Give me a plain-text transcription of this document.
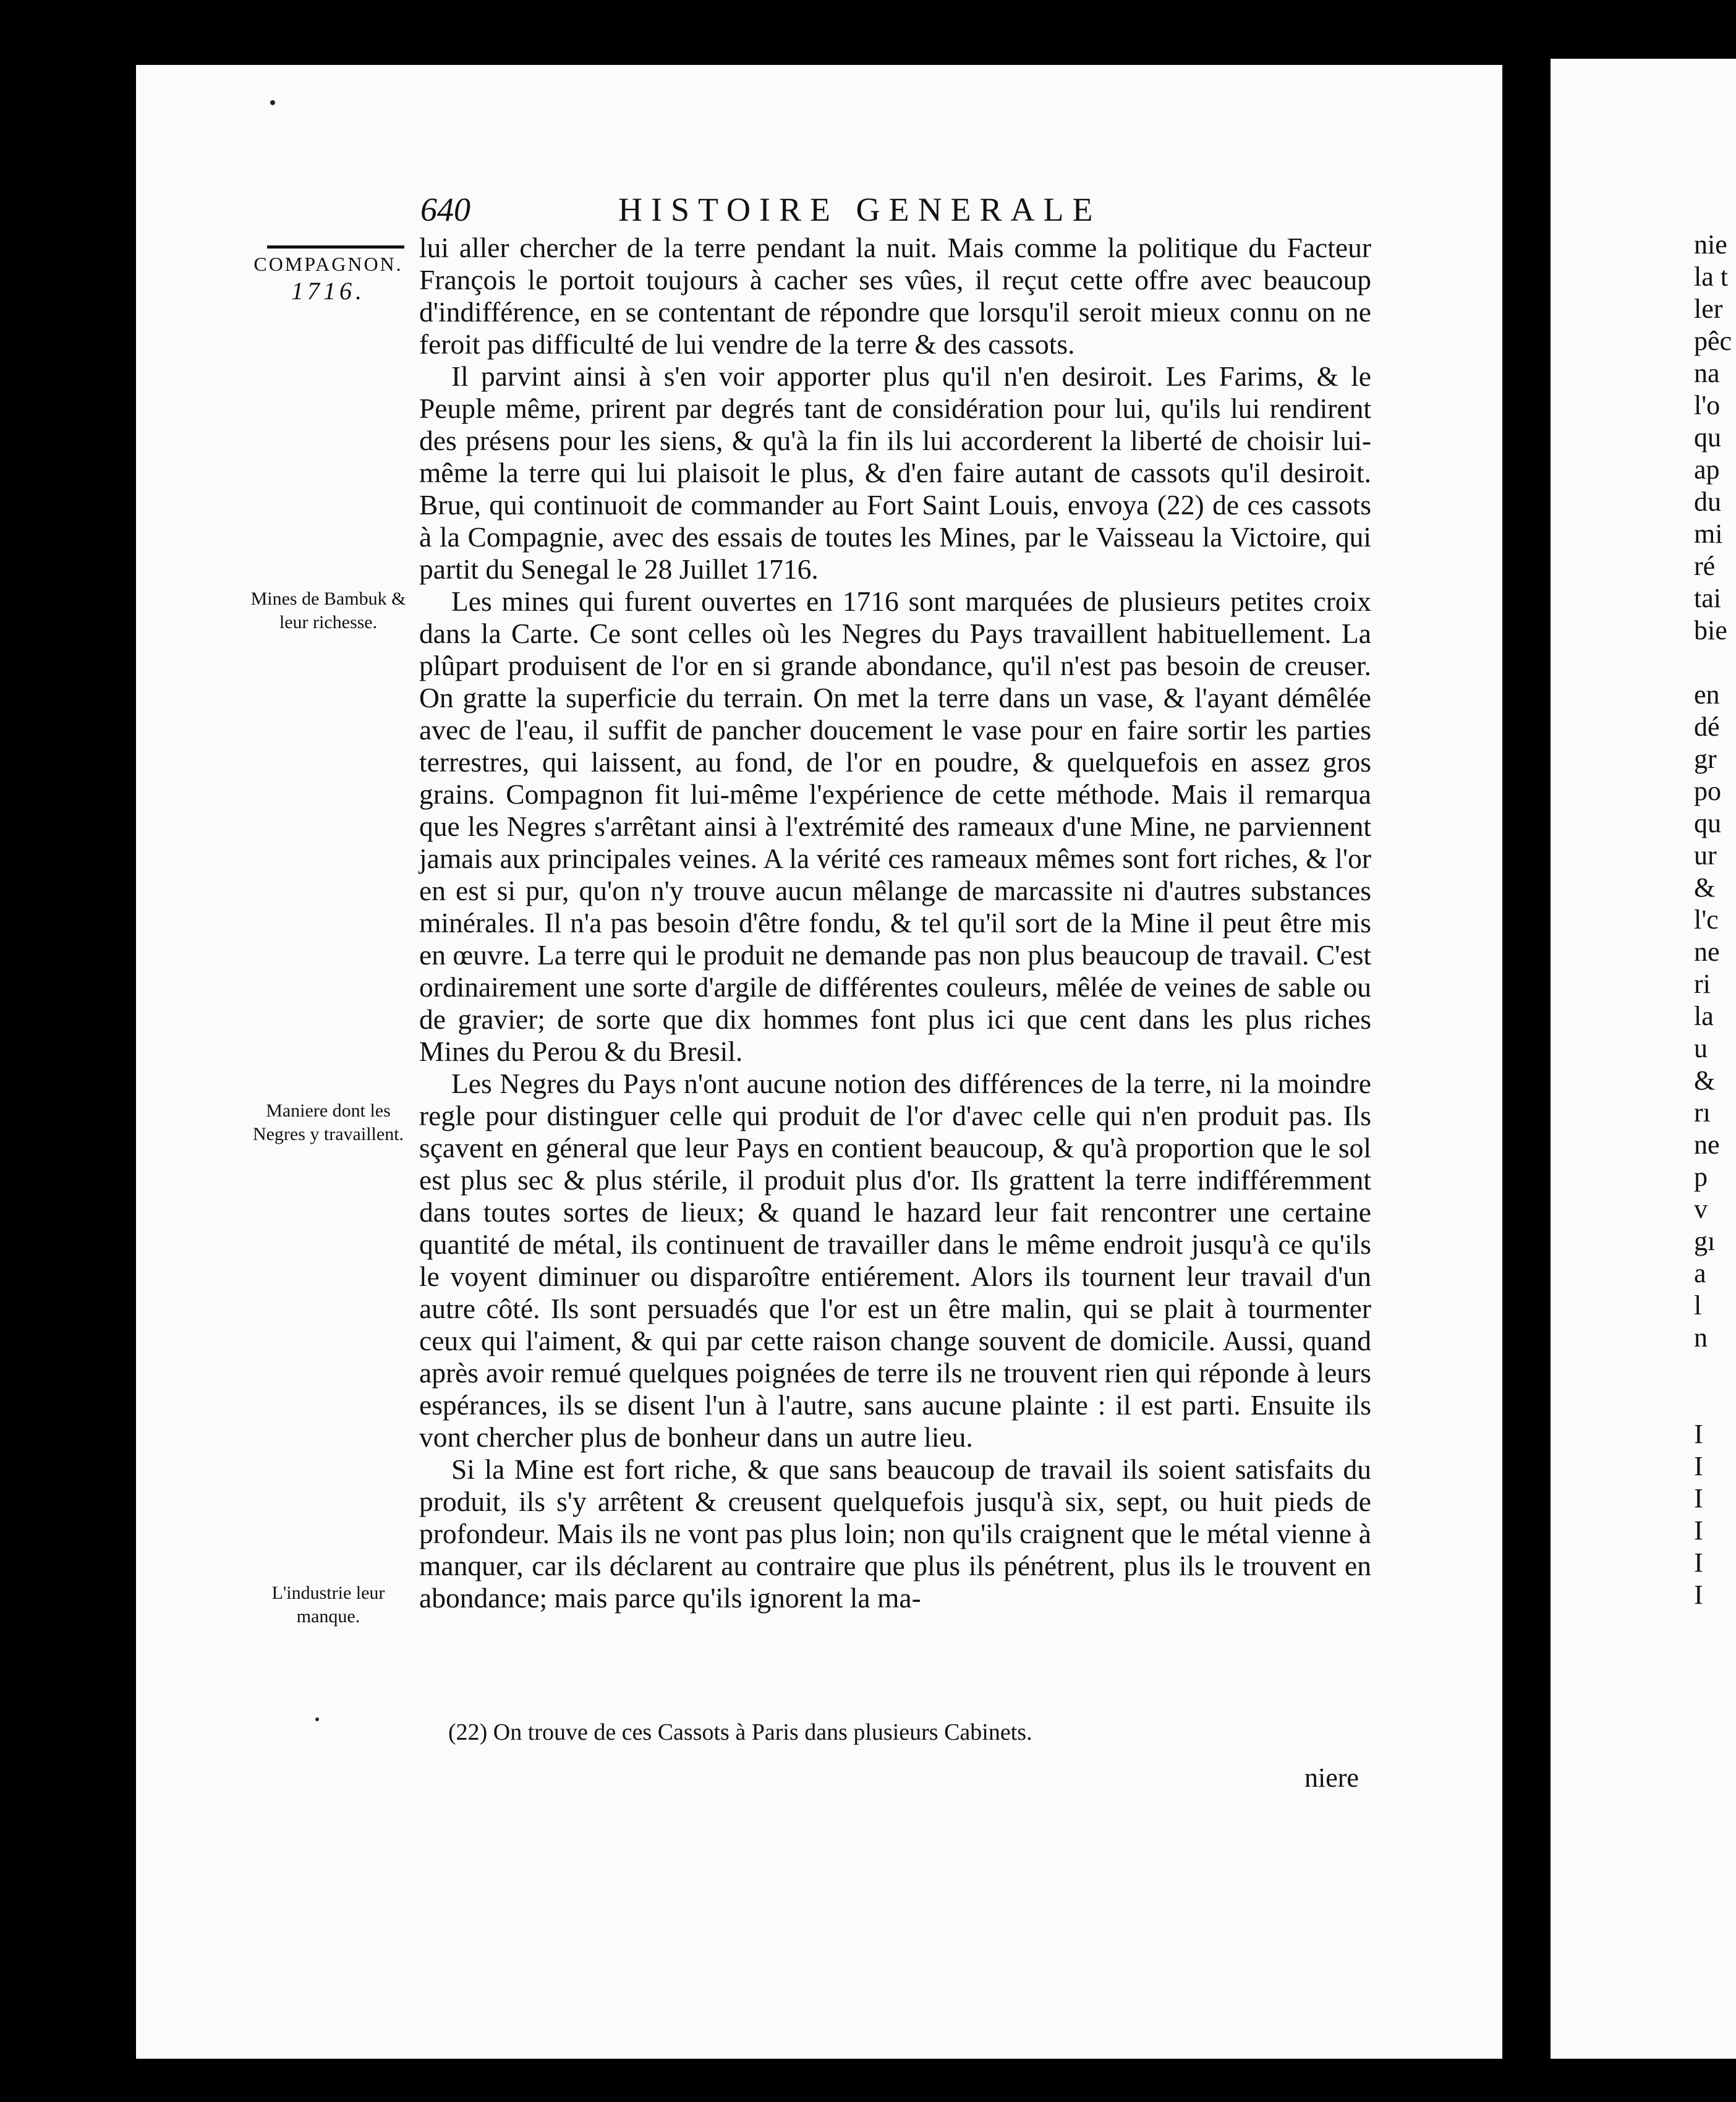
640	HISTOIRE GENERALE
COMPAGNON.
1716.
Mines de Bambuk & leur richesse.
Maniere dont les Negres y travaillent.
L'industrie leur manque.

lui aller chercher de la terre pendant la nuit. Mais comme la politique du Facteur François le portoit toujours à cacher ses vûes, il reçut cette offre avec beaucoup d'indifférence, en se contentant de répondre que lorsqu'il seroit mieux connu on ne feroit pas difficulté de lui vendre de la terre & des cassots.

Il parvint ainsi à s'en voir apporter plus qu'il n'en desiroit. Les Farims, & le Peuple même, prirent par degrés tant de considération pour lui, qu'ils lui rendirent des présens pour les siens, & qu'à la fin ils lui accorderent la liberté de choisir lui-même la terre qui lui plaisoit le plus, & d'en faire autant de cassots qu'il desiroit. Brue, qui continuoit de commander au Fort Saint Louis, envoya (22) de ces cassots à la Compagnie, avec des essais de toutes les Mines, par le Vaisseau la Victoire, qui partit du Senegal le 28 Juillet 1716.

Les mines qui furent ouvertes en 1716 sont marquées de plusieurs petites croix dans la Carte. Ce sont celles où les Negres du Pays travaillent habituellement. La plûpart produisent de l'or en si grande abondance, qu'il n'est pas besoin de creuser. On gratte la superficie du terrain. On met la terre dans un vase, & l'ayant démêlée avec de l'eau, il suffit de pancher doucement le vase pour en faire sortir les parties terrestres, qui laissent, au fond, de l'or en poudre, & quelquefois en assez gros grains. Compagnon fit lui-même l'expérience de cette méthode. Mais il remarqua que les Negres s'arrêtant ainsi à l'extrémité des rameaux d'une Mine, ne parviennent jamais aux principales veines. A la vérité ces rameaux mêmes sont fort riches, & l'or en est si pur, qu'on n'y trouve aucun mêlange de marcassite ni d'autres substances minérales. Il n'a pas besoin d'être fondu, & tel qu'il sort de la Mine il peut être mis en œuvre. La terre qui le produit ne demande pas non plus beaucoup de travail. C'est ordinairement une sorte d'argile de différentes couleurs, mêlée de veines de sable ou de gravier; de sorte que dix hommes font plus ici que cent dans les plus riches Mines du Perou & du Bresil.

Les Negres du Pays n'ont aucune notion des différences de la terre, ni la moindre regle pour distinguer celle qui produit de l'or d'avec celle qui n'en produit pas. Ils sçavent en géneral que leur Pays en contient beaucoup, & qu'à proportion que le sol est plus sec & plus stérile, il produit plus d'or. Ils grattent la terre indifféremment dans toutes sortes de lieux; & quand le hazard leur fait rencontrer une certaine quantité de métal, ils continuent de travailler dans le même endroit jusqu'à ce qu'ils le voyent diminuer ou disparoître entiérement. Alors ils tournent leur travail d'un autre côté. Ils sont persuadés que l'or est un être malin, qui se plait à tourmenter ceux qui l'aiment, & qui par cette raison change souvent de domicile. Aussi, quand après avoir remué quelques poignées de terre ils ne trouvent rien qui réponde à leurs espérances, ils se disent l'un à l'autre, sans aucune plainte : il est parti. Ensuite ils vont chercher plus de bonheur dans un autre lieu.

Si la Mine est fort riche, & que sans beaucoup de travail ils soient satisfaits du produit, ils s'y arrêtent & creusent quelquefois jusqu'à six, sept, ou huit pieds de profondeur. Mais ils ne vont pas plus loin; non qu'ils craignent que le métal vienne à manquer, car ils déclarent au contraire que plus ils pénétrent, plus ils le trouvent en abondance; mais parce qu'ils ignorent la ma-

(22) On trouve de ces Cassots à Paris dans plusieurs Cabinets.
niere
nie
la t
ler
pêc
na
l'o
qu
ap
du
mi
ré
tai
bie

en
dé
gr
po
qu
ur
&
l'c
ne
ri
la
u
&
rı
ne
p
v
gı
a
l
n

I
I
I
I
I
I
